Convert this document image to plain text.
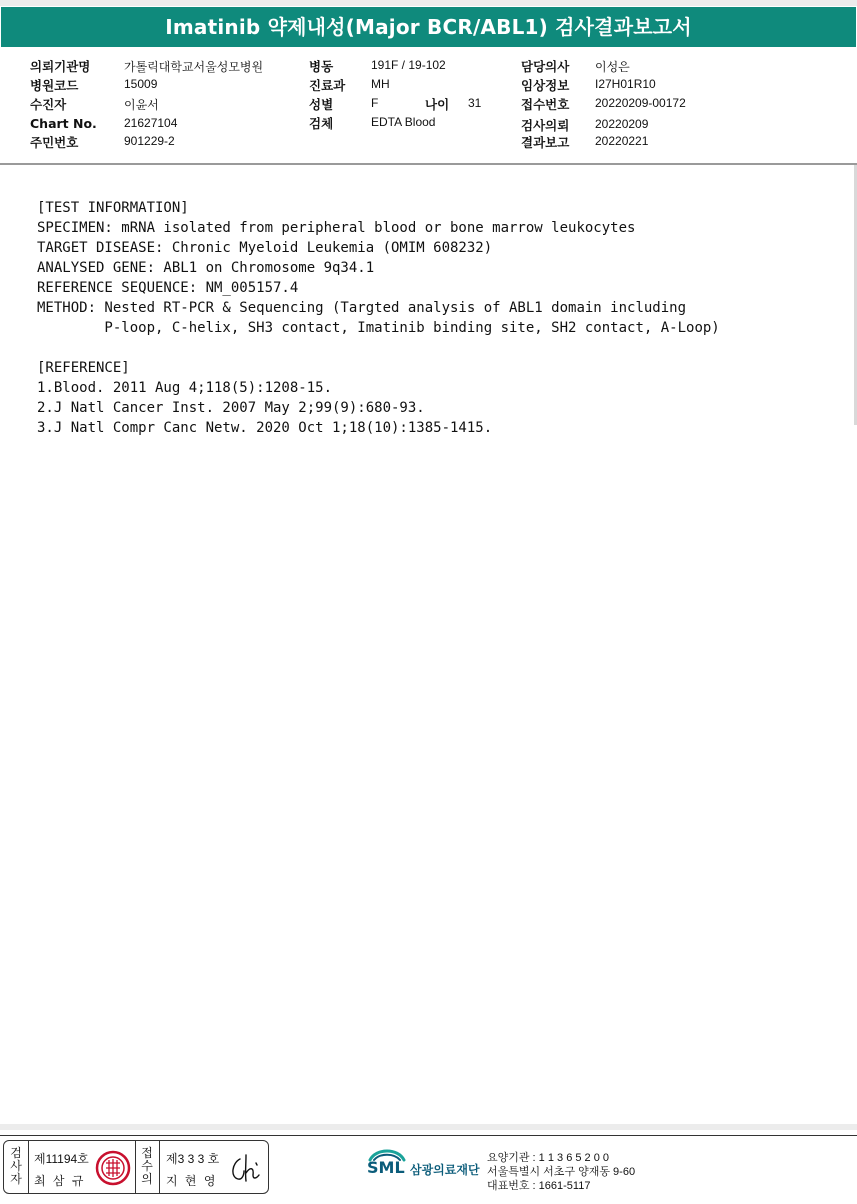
Imatinib 약제내성(Major BCR/ABL1) 검사결과보고서
의뢰기관명	가톨릭대학교서울성모병원
병원코드	15009
수진자	이윤서
Chart No. 21627104
주민번호	901229-2
병동	191F / 19-102
진료과 MH
성별	F	나이 31
검체	EDTA Blood
담당의사 이성은
임상정보 I27H01R10
접수번호 20220209-00172
검사의뢰 20220209
결과보고 20220221

[TEST INFORMATION]
SPECIMEN: mRNA isolated from peripheral blood or bone marrow leukocytes
TARGET DISEASE: Chronic Myeloid Leukemia (OMIM 608232)
ANALYSED GENE: ABL1 on Chromosome 9q34.1
REFERENCE SEQUENCE: NM_005157.4
METHOD: Nested RT-PCR & Sequencing (Targted analysis of ABL1 domain including
P-loop, C-helix, SH3 contact, Imatinib binding site, SH2 contact, A-Loop)
[REFERENCE]
1.Blood. 2011 Aug 4;118(5):1208-15.
2.J Natl Cancer Inst. 2007 May 2;99(9):680-93.
3.J Natl Compr Canc Netw. 2020 Oct 1;18(10):1385-1415.

검
사
자
제11194호
최 삼 규
접
수
의
제3 3 3 호
지 현 영
SML 삼광의료재단
요양기관 : 1 1 3 6 5 2 0 0
서울특별시 서초구 양재동 9-60
대표번호 : 1661-5117
